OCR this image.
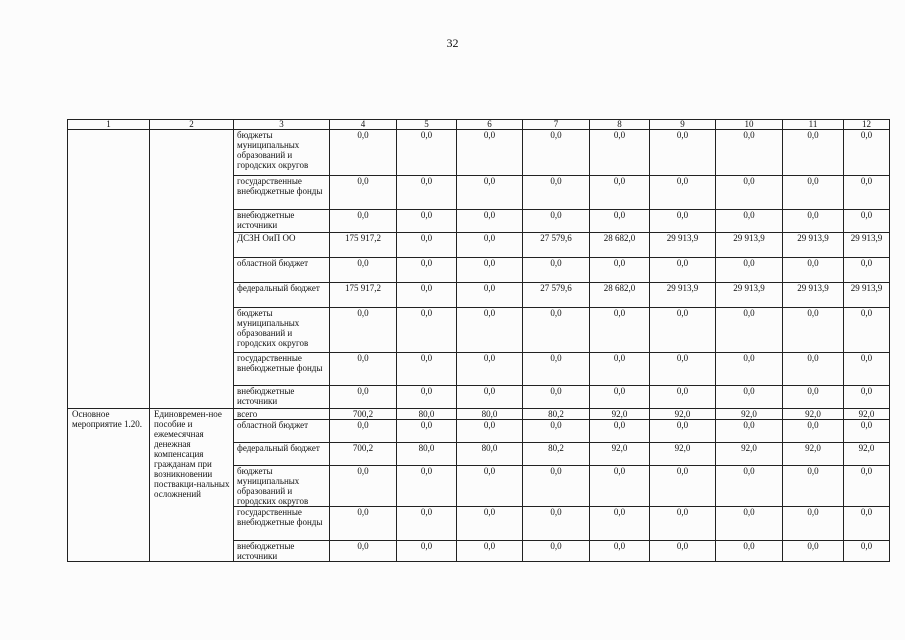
32
1	2	3	4	5	6	7	8	9	10	11	12
		бюджеты муниципальных образований и городских округов	0,0	0,0	0,0	0,0	0,0	0,0	0,0	0,0	0,0
		государственные внебюджетные фонды	0,0	0,0	0,0	0,0	0,0	0,0	0,0	0,0	0,0
		внебюджетные источники	0,0	0,0	0,0	0,0	0,0	0,0	0,0	0,0	0,0
		ДСЗН ОиП ОО	175 917,2	0,0	0,0	27 579,6	28 682,0	29 913,9	29 913,9	29 913,9	29 913,9
		областной бюджет	0,0	0,0	0,0	0,0	0,0	0,0	0,0	0,0	0,0
		федеральный бюджет	175 917,2	0,0	0,0	27 579,6	28 682,0	29 913,9	29 913,9	29 913,9	29 913,9
		бюджеты муниципальных образований и городских округов	0,0	0,0	0,0	0,0	0,0	0,0	0,0	0,0	0,0
		государственные внебюджетные фонды	0,0	0,0	0,0	0,0	0,0	0,0	0,0	0,0	0,0
		внебюджетные источники	0,0	0,0	0,0	0,0	0,0	0,0	0,0	0,0	0,0
Основное мероприятие 1.20.	Единовремен-ное пособие и ежемесячная денежная компенсация гражданам при возникновении поствакци-нальных осложнений	всего	700,2	80,0	80,0	80,2	92,0	92,0	92,0	92,0	92,0
		областной бюджет	0,0	0,0	0,0	0,0	0,0	0,0	0,0	0,0	0,0
		федеральный бюджет	700,2	80,0	80,0	80,2	92,0	92,0	92,0	92,0	92,0
		бюджеты муниципальных образований и городских округов	0,0	0,0	0,0	0,0	0,0	0,0	0,0	0,0	0,0
		государственные внебюджетные фонды	0,0	0,0	0,0	0,0	0,0	0,0	0,0	0,0	0,0
		внебюджетные источники	0,0	0,0	0,0	0,0	0,0	0,0	0,0	0,0	0,0
